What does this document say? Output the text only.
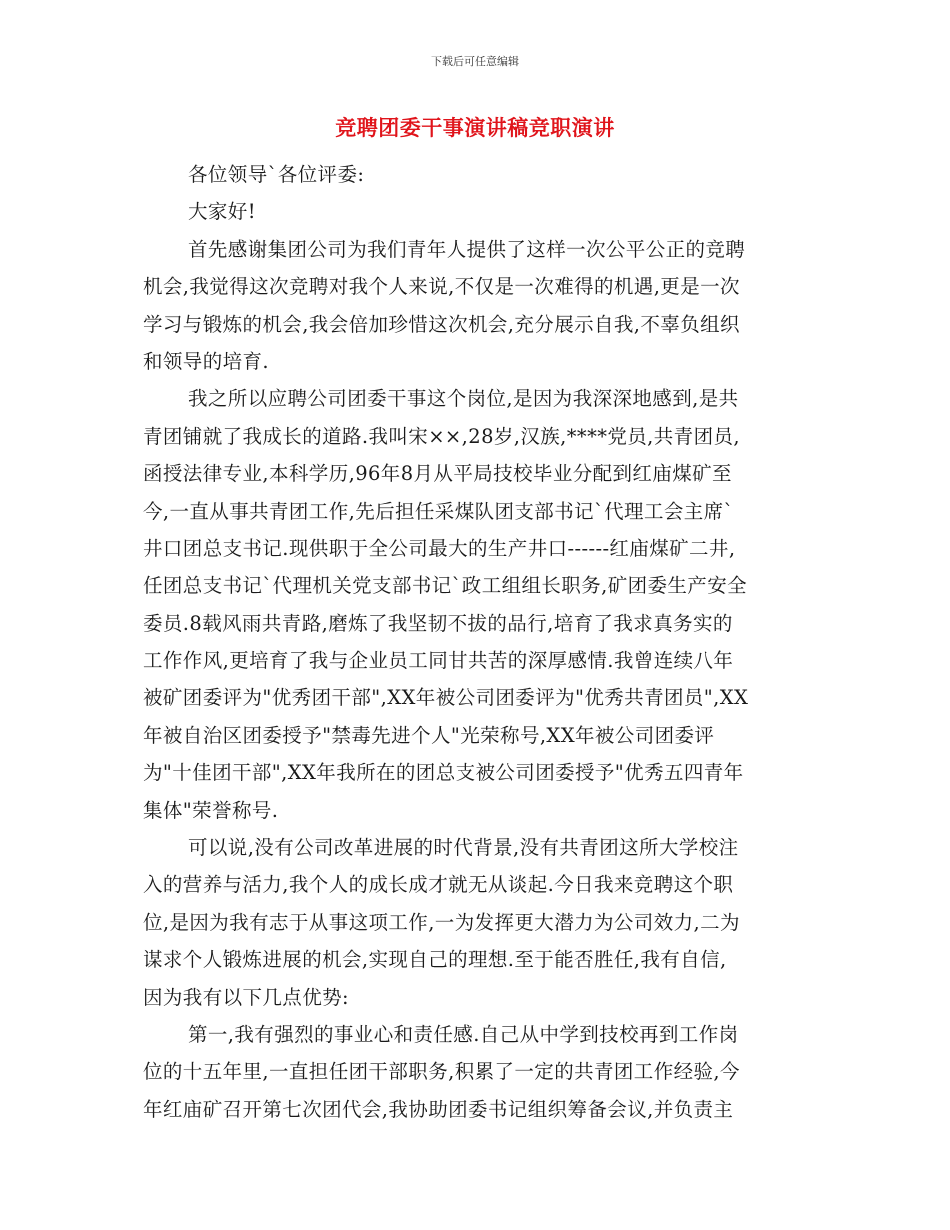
下载后可任意编辑
竞聘团委干事演讲稿竞职演讲
各位领导`各位评委:
大家好!
首先感谢集团公司为我们青年人提供了这样一次公平公正的竞聘
机会,我觉得这次竞聘对我个人来说,不仅是一次难得的机遇,更是一次
学习与锻炼的机会,我会倍加珍惜这次机会,充分展示自我,不辜负组织
和领导的培育.
我之所以应聘公司团委干事这个岗位,是因为我深深地感到,是共
青团铺就了我成长的道路.我叫宋××,28岁,汉族,****党员,共青团员,
函授法律专业,本科学历,96年8月从平局技校毕业分配到红庙煤矿至
今,一直从事共青团工作,先后担任采煤队团支部书记`代理工会主席`
井口团总支书记.现供职于全公司最大的生产井口------红庙煤矿二井,
任团总支书记`代理机关党支部书记`政工组组长职务,矿团委生产安全
委员.8载风雨共青路,磨炼了我坚韧不拔的品行,培育了我求真务实的
工作作风,更培育了我与企业员工同甘共苦的深厚感情.我曾连续八年
被矿团委评为"优秀团干部",XX年被公司团委评为"优秀共青团员",XX
年被自治区团委授予"禁毒先进个人"光荣称号,XX年被公司团委评
为"十佳团干部",XX年我所在的团总支被公司团委授予"优秀五四青年
集体"荣誉称号.
可以说,没有公司改革进展的时代背景,没有共青团这所大学校注
入的营养与活力,我个人的成长成才就无从谈起.今日我来竞聘这个职
位,是因为我有志于从事这项工作,一为发挥更大潜力为公司效力,二为
谋求个人锻炼进展的机会,实现自己的理想.至于能否胜任,我有自信,
因为我有以下几点优势:
第一,我有强烈的事业心和责任感.自己从中学到技校再到工作岗
位的十五年里,一直担任团干部职务,积累了一定的共青团工作经验,今
年红庙矿召开第七次团代会,我协助团委书记组织筹备会议,并负责主
